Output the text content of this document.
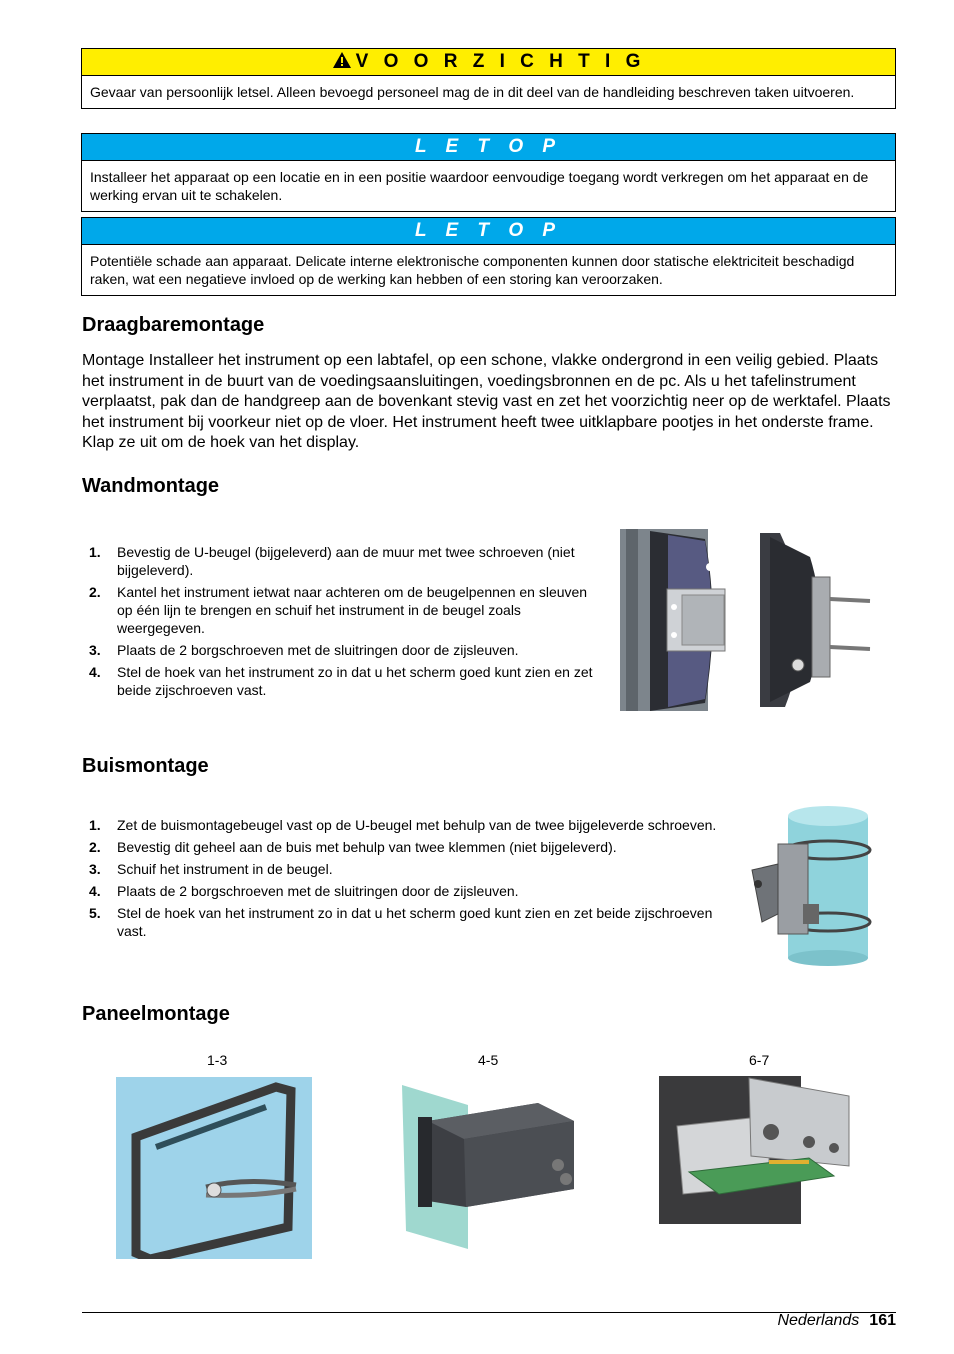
V O O R Z I C H T I G
Gevaar van persoonlijk letsel. Alleen bevoegd personeel mag de in dit deel van de handleiding beschreven taken uitvoeren.
L E T O P
Installeer het apparaat op een locatie en in een positie waardoor eenvoudige toegang wordt verkregen om het apparaat en de werking ervan uit te schakelen.
L E T O P
Potentiële schade aan apparaat. Delicate interne elektronische componenten kunnen door statische elektriciteit beschadigd raken, wat een negatieve invloed op de werking kan hebben of een storing kan veroorzaken.
Draagbaremontage

Montage Installeer het instrument op een labtafel, op een schone, vlakke ondergrond in een veilig gebied. Plaats het instrument in de buurt van de voedingsaansluitingen, voedingsbronnen en de pc. Als u het tafelinstrument verplaatst, pak dan de handgreep aan de bovenkant stevig vast en zet het voorzichtig neer op de werktafel. Plaats het instrument bij voorkeur niet op de vloer. Het instrument heeft twee uitklapbare pootjes in het onderste frame. Klap ze uit om de hoek van het display.

Wandmontage
1. Bevestig de U-beugel (bijgeleverd) aan de muur met twee schroeven (niet bijgeleverd).
2. Kantel het instrument ietwat naar achteren om de beugelpennen en sleuven op één lijn te brengen en schuif het instrument in de beugel zoals weergegeven.
3. Plaats de 2 borgschroeven met de sluitringen door de zijsleuven.
4. Stel de hoek van het instrument zo in dat u het scherm goed kunt zien en zet beide zijschroeven vast.
Buismontage
1. Zet de buismontagebeugel vast op de U-beugel met behulp van de twee bijgeleverde schroeven.
2. Bevestig dit geheel aan de buis met behulp van twee klemmen (niet bijgeleverd).
3. Schuif het instrument in de beugel.
4. Plaats de 2 borgschroeven met de sluitringen door de zijsleuven.
5. Stel de hoek van het instrument zo in dat u het scherm goed kunt zien en zet beide zijschroeven vast.
Paneelmontage
1-3	4-5	6-7
Nederlands 161
